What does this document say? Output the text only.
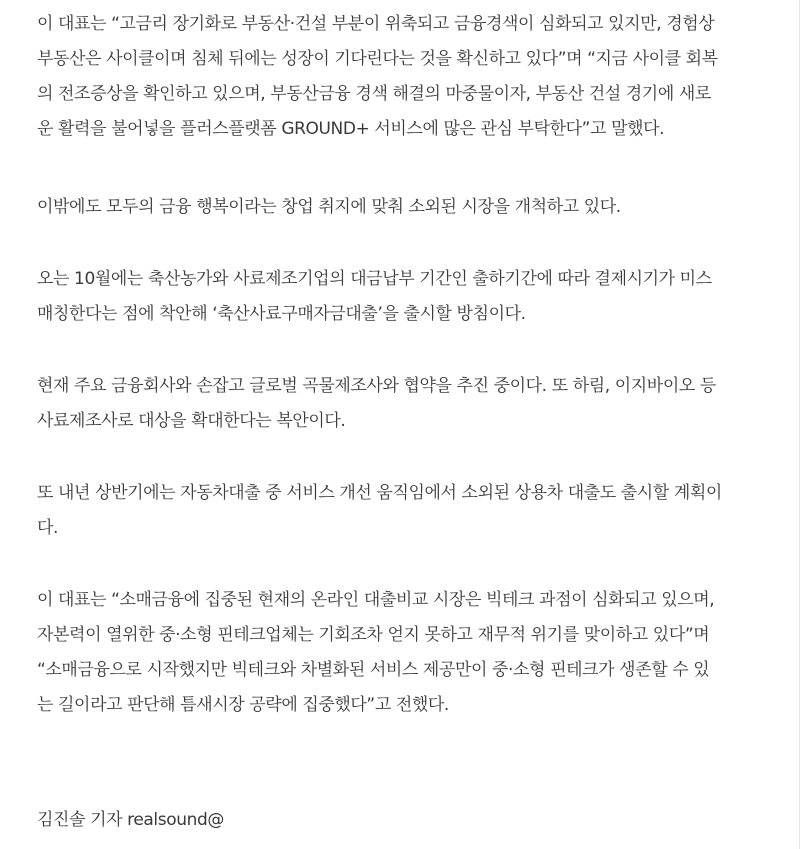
이 대표는 “고금리 장기화로 부동산·건설 부분이 위축되고 금융경색이 심화되고 있지만, 경험상
부동산은 사이클이며 침체 뒤에는 성장이 기다린다는 것을 확신하고 있다”며 “지금 사이클 회복
의 전조증상을 확인하고 있으며, 부동산금융 경색 해결의 마중물이자, 부동산 건설 경기에 새로
운 활력을 불어넣을 플러스플랫폼 GROUND+ 서비스에 많은 관심 부탁한다”고 말했다.

이밖에도 모두의 금융 행복이라는 창업 취지에 맞춰 소외된 시장을 개척하고 있다.

오는 10월에는 축산농가와 사료제조기업의 대금납부 기간인 출하기간에 따라 결제시기가 미스
매칭한다는 점에 착안해 ‘축산사료구매자금대출’을 출시할 방침이다.

현재 주요 금융회사와 손잡고 글로벌 곡물제조사와 협약을 추진 중이다. 또 하림, 이지바이오 등
사료제조사로 대상을 확대한다는 복안이다.

또 내년 상반기에는 자동차대출 중 서비스 개선 움직임에서 소외된 상용차 대출도 출시할 계획이
다.

이 대표는 “소매금융에 집중된 현재의 온라인 대출비교 시장은 빅테크 과점이 심화되고 있으며,
자본력이 열위한 중·소형 핀테크업체는 기회조차 얻지 못하고 재무적 위기를 맞이하고 있다”며
“소매금융으로 시작했지만 빅테크와 차별화된 서비스 제공만이 중·소형 핀테크가 생존할 수 있
는 길이라고 판단해 틈새시장 공략에 집중했다”고 전했다.

김진솔 기자 realsound@
